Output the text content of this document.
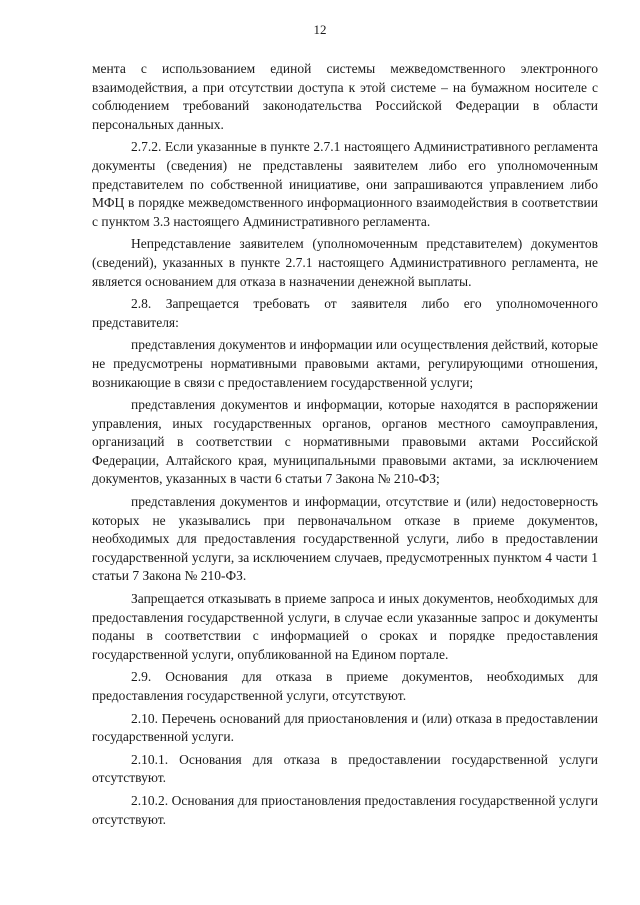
12

мента с использованием единой системы межведомственного электронного взаимодействия, а при отсутствии доступа к этой системе – на бумажном носителе с соблюдением требований законодательства Российской Федерации в области персональных данных.

2.7.2. Если указанные в пункте 2.7.1 настоящего Административного регламента документы (сведения) не представлены заявителем либо его уполномоченным представителем по собственной инициативе, они запрашиваются управлением либо МФЦ в порядке межведомственного информационного взаимодействия в соответствии с пунктом 3.3 настоящего Административного регламента.

Непредставление заявителем (уполномоченным представителем) документов (сведений), указанных в пункте 2.7.1 настоящего Административного регламента, не является основанием для отказа в назначении денежной выплаты.

2.8. Запрещается требовать от заявителя либо его уполномоченного представителя:

представления документов и информации или осуществления действий, которые не предусмотрены нормативными правовыми актами, регулирующими отношения, возникающие в связи с предоставлением государственной услуги;

представления документов и информации, которые находятся в распоряжении управления, иных государственных органов, органов местного самоуправления, организаций в соответствии с нормативными правовыми актами Российской Федерации, Алтайского края, муниципальными правовыми актами, за исключением документов, указанных в части 6 статьи 7 Закона № 210-ФЗ;

представления документов и информации, отсутствие и (или) недостоверность которых не указывались при первоначальном отказе в приеме документов, необходимых для предоставления государственной услуги, либо в предоставлении государственной услуги, за исключением случаев, предусмотренных пунктом 4 части 1 статьи 7 Закона № 210-ФЗ.

Запрещается отказывать в приеме запроса и иных документов, необходимых для предоставления государственной услуги, в случае если указанные запрос и документы поданы в соответствии с информацией о сроках и порядке предоставления государственной услуги, опубликованной на Едином портале.

2.9. Основания для отказа в приеме документов, необходимых для предоставления государственной услуги, отсутствуют.

2.10. Перечень оснований для приостановления и (или) отказа в предоставлении государственной услуги.

2.10.1. Основания для отказа в предоставлении государственной услуги отсутствуют.

2.10.2. Основания для приостановления предоставления государственной услуги отсутствуют.
